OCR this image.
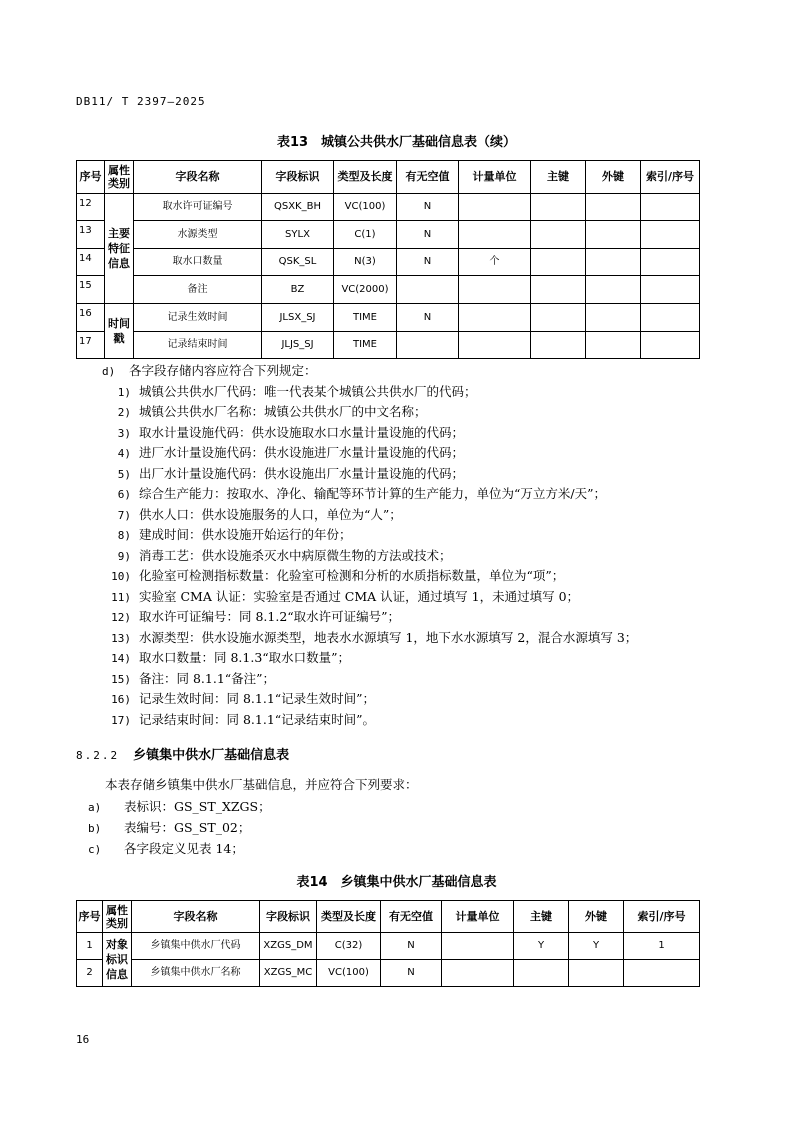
DB11/ T 2397—2025
表13　城镇公共供水厂基础信息表（续）
序号	属性类别	字段名称	字段标识	类型及长度	有无空值	计量单位	主键	外键	索引/序号
12	主要特征信息	取水许可证编号	QSXK_BH	VC(100)	N				
13		水源类型	SYLX	C(1)	N				
14		取水口数量	QSK_SL	N(3)	N	个			
15		备注	BZ	VC(2000)					
16	时间戳	记录生效时间	JLSX_SJ	TIME	N				
17		记录结束时间	JLJS_SJ	TIME					
d) 各字段存储内容应符合下列规定：
1) 城镇公共供水厂代码：唯一代表某个城镇公共供水厂的代码；
2) 城镇公共供水厂名称：城镇公共供水厂的中文名称；
3) 取水计量设施代码：供水设施取水口水量计量设施的代码；
4) 进厂水计量设施代码：供水设施进厂水量计量设施的代码；
5) 出厂水计量设施代码：供水设施出厂水量计量设施的代码；
6) 综合生产能力：按取水、净化、输配等环节计算的生产能力，单位为“万立方米/天”；
7) 供水人口：供水设施服务的人口，单位为“人”；
8) 建成时间：供水设施开始运行的年份；
9) 消毒工艺：供水设施杀灭水中病原微生物的方法或技术；
10) 化验室可检测指标数量：化验室可检测和分析的水质指标数量，单位为“项”；
11) 实验室 CMA 认证：实验室是否通过 CMA 认证，通过填写 1，未通过填写 0；
12) 取水许可证编号：同 8.1.2“取水许可证编号”；
13) 水源类型：供水设施水源类型，地表水水源填写 1，地下水水源填写 2，混合水源填写 3；
14) 取水口数量：同 8.1.3“取水口数量”；
15) 备注：同 8.1.1“备注”；
16) 记录生效时间：同 8.1.1“记录生效时间”；
17) 记录结束时间：同 8.1.1“记录结束时间”。
8.2.2 乡镇集中供水厂基础信息表
本表存储乡镇集中供水厂基础信息，并应符合下列要求：
a) 表标识：GS_ST_XZGS；
b) 表编号：GS_ST_02；
c) 各字段定义见表 14；
表14　乡镇集中供水厂基础信息表
序号	属性类别	字段名称	字段标识	类型及长度	有无空值	计量单位	主键	外键	索引/序号
1	对象标识信息	乡镇集中供水厂代码	XZGS_DM	C(32)	N		Y	Y	1
2		乡镇集中供水厂名称	XZGS_MC	VC(100)	N				
16
